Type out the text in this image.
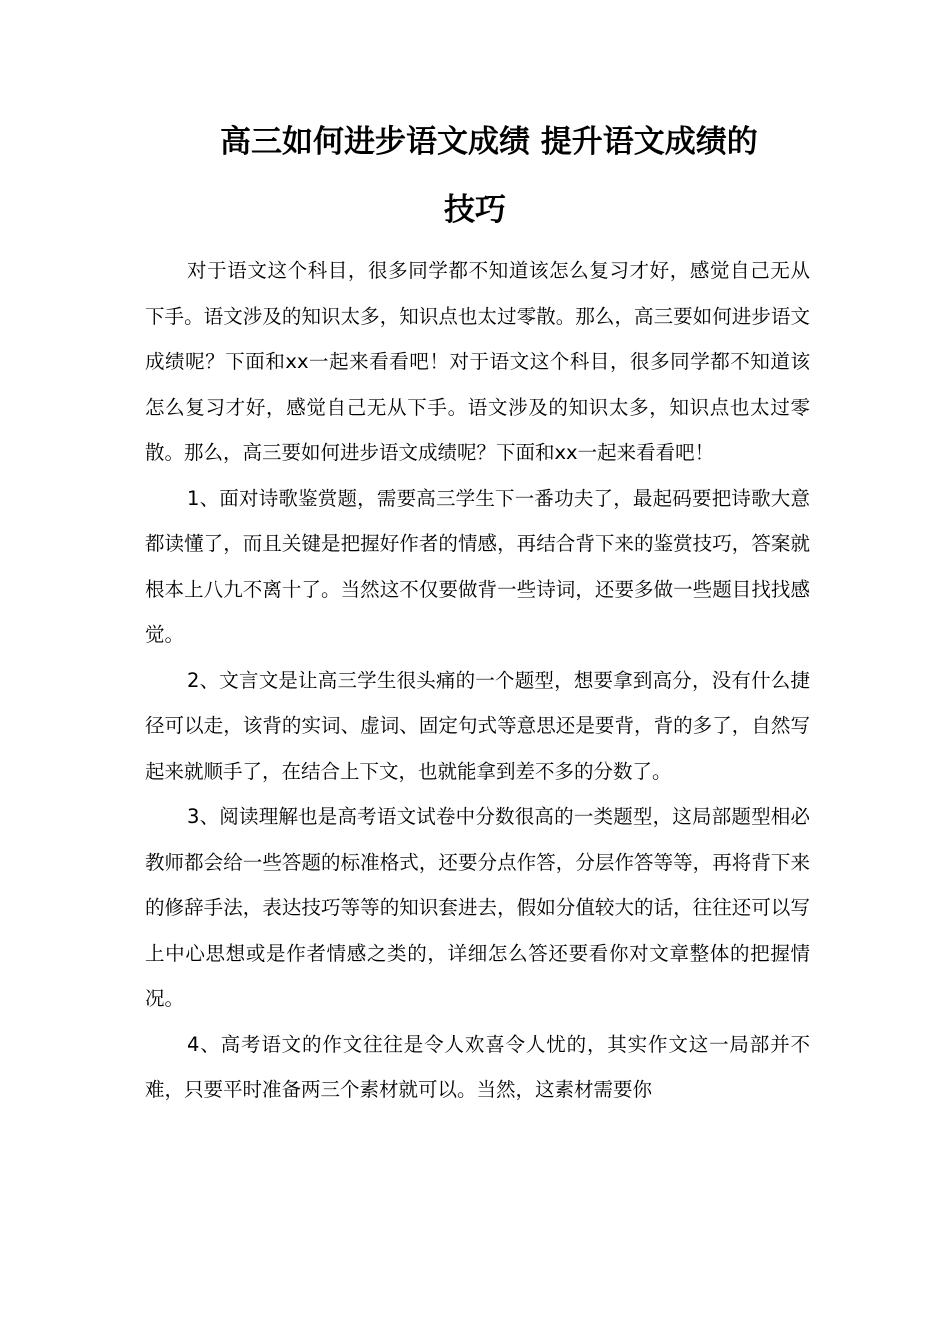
高三如何进步语文成绩 提升语文成绩的
技巧

对于语文这个科目，很多同学都不知道该怎么复习才好，感觉自己无从下手。语文涉及的知识太多，知识点也太过零散。那么，高三要如何进步语文成绩呢？下面和xx一起来看看吧！对于语文这个科目，很多同学都不知道该怎么复习才好，感觉自己无从下手。语文涉及的知识太多，知识点也太过零散。那么，高三要如何进步语文成绩呢？下面和xx一起来看看吧！

1、面对诗歌鉴赏题，需要高三学生下一番功夫了，最起码要把诗歌大意都读懂了，而且关键是把握好作者的情感，再结合背下来的鉴赏技巧，答案就根本上八九不离十了。当然这不仅要做背一些诗词，还要多做一些题目找找感觉。

2、文言文是让高三学生很头痛的一个题型，想要拿到高分，没有什么捷径可以走，该背的实词、虚词、固定句式等意思还是要背，背的多了，自然写起来就顺手了，在结合上下文，也就能拿到差不多的分数了。

3、阅读理解也是高考语文试卷中分数很高的一类题型，这局部题型相必教师都会给一些答题的标准格式，还要分点作答，分层作答等等，再将背下来的修辞手法，表达技巧等等的知识套进去，假如分值较大的话，往往还可以写上中心思想或是作者情感之类的，详细怎么答还要看你对文章整体的把握情况。

4、高考语文的作文往往是令人欢喜令人忧的，其实作文这一局部并不难，只要平时准备两三个素材就可以。当然，这素材需要你
